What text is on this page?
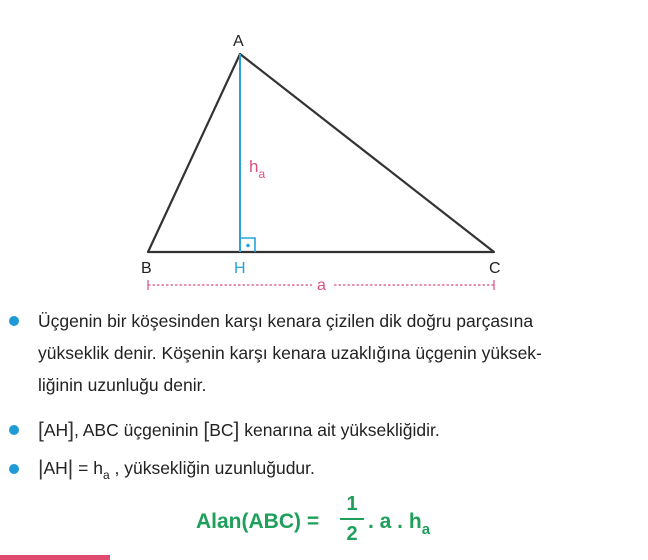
A
B	C
H
$h_a$
a
Üçgenin bir köşesinden karşı kenara çizilen dik doğru parçasına
yükseklik denir. Köşenin karşı kenara uzaklığına üçgenin yüksek-
liğinin uzunluğu denir.
[AH], ABC üçgeninin [BC] kenarına ait yüksekliğidir.
$|AH| = h_a$ , yüksekliğin uzunluğudur.
Alan(ABC) =
1
2
. a . $h_a$
